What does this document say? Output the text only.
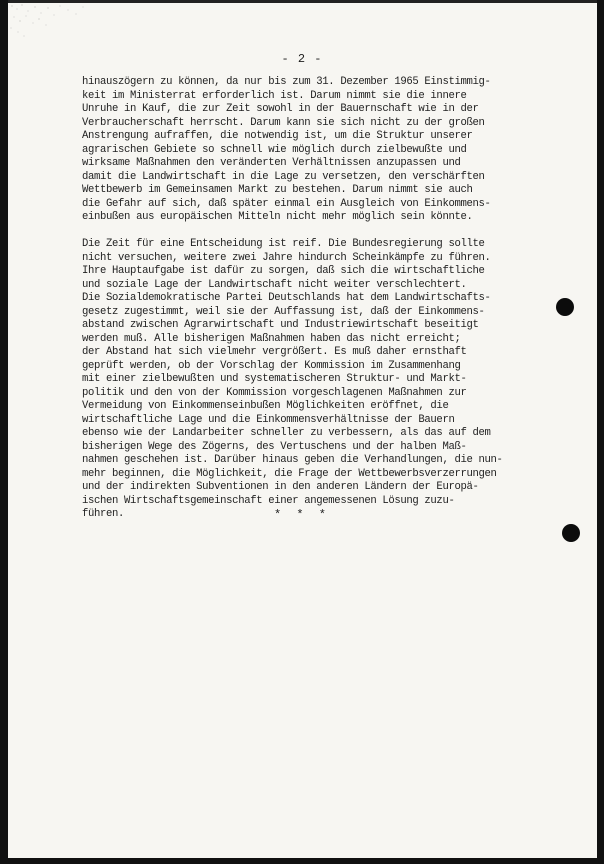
- 2 -

hinauszögern zu können, da nur bis zum 31. Dezember 1965 Einstimmig-
keit im Ministerrat erforderlich ist. Darum nimmt sie die innere
Unruhe in Kauf, die zur Zeit sowohl in der Bauernschaft wie in der
Verbraucherschaft herrscht. Darum kann sie sich nicht zu der großen
Anstrengung aufraffen, die notwendig ist, um die Struktur unserer
agrarischen Gebiete so schnell wie möglich durch zielbewußte und
wirksame Maßnahmen den veränderten Verhältnissen anzupassen und
damit die Landwirtschaft in die Lage zu versetzen, den verschärften
Wettbewerb im Gemeinsamen Markt zu bestehen. Darum nimmt sie auch
die Gefahr auf sich, daß später einmal ein Ausgleich von Einkommens-
einbußen aus europäischen Mitteln nicht mehr möglich sein könnte.

Die Zeit für eine Entscheidung ist reif. Die Bundesregierung sollte
nicht versuchen, weitere zwei Jahre hindurch Scheinkämpfe zu führen.
Ihre Hauptaufgabe ist dafür zu sorgen, daß sich die wirtschaftliche
und soziale Lage der Landwirtschaft nicht weiter verschlechtert.
Die Sozialdemokratische Partei Deutschlands hat dem Landwirtschafts-
gesetz zugestimmt, weil sie der Auffassung ist, daß der Einkommens-
abstand zwischen Agrarwirtschaft und Industriewirtschaft beseitigt
werden muß. Alle bisherigen Maßnahmen haben das nicht erreicht;
der Abstand hat sich vielmehr vergrößert. Es muß daher ernsthaft
geprüft werden, ob der Vorschlag der Kommission im Zusammenhang
mit einer zielbewußten und systematischeren Struktur- und Markt-
politik und den von der Kommission vorgeschlagenen Maßnahmen zur
Vermeidung von Einkommenseinbußen Möglichkeiten eröffnet, die
wirtschaftliche Lage und die Einkommensverhältnisse der Bauern
ebenso wie der Landarbeiter schneller zu verbessern, als das auf dem
bisherigen Wege des Zögerns, des Vertuschens und der halben Maß-
nahmen geschehen ist. Darüber hinaus geben die Verhandlungen, die nun-
mehr beginnen, die Möglichkeit, die Frage der Wettbewerbsverzerrungen
und der indirekten Subventionen in den anderen Ländern der Europä-
ischen Wirtschaftsgemeinschaft einer angemessenen Lösung zuzu-
führen.	* * *
